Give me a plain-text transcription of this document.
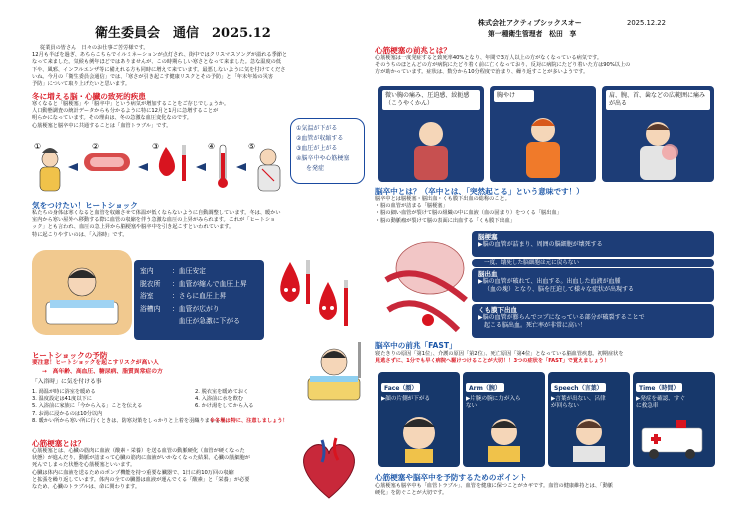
衛生委員会　通信　2025.12
株式会社アクティブシックスオー
第一種衛生管理者　松田　享
2025.12.22
従業員の皆さん　日々のお仕事ご苦労様です。
12月も半ばを過ぎ、あちらこちらでイルミネーションが点灯され、街中ではクリスマスソングが溢れる季節と
なって来ました。気候も例年ほどではありませんが、この時期らしい寒さとなって来ました。急な温度の低
下や、風邪、インフルエンザ等に備えれる方も同時に増えて来ています。最悪しないように気を付けてくださ
いね。今月の「衛生委員会通信」では、「寒さが引き起こす健康リスクとその予防」と「年末年始の災害
予防」について取り上げたいと思います。
冬に増える脳・心臓の致死的疾患
寒くなると「脳梗塞」や「脳卒中」という病気が増加することをご存じでしょうか。
人口動態調査の統計データからも分かるように特に12月と1月に急増することが
明らかになっています。その理由は、冬の急激な血圧変化なのです。
心筋梗塞と脳卒中に共通することは「血管トラブル」です。	①気温が下がる
②血管が収縮する
③血圧が上がる
④脳卒中や心筋梗塞
を発症
①	②	③	④	⑤
気をつけたい！ヒートショック
私たちの身体は寒くなると血管を収縮させて体温が低くならないように自動調整しています。冬は、暖かい
室内から寒い屋外へ移動する際に血管の収縮を伴う急激な血圧の上昇がみられます。これが「ヒートショ
ック」とも言われ、血圧の急上昇から脳梗塞や脳卒中を引き起こすといわれています。
特に起こりやすいのは、「入浴時」です。
室内	：血圧安定
脱衣所	：血管が縮んで血圧上昇
浴室	：さらに血圧上昇
浴槽内	：血管が広がり
　血圧が急激に下がる
ヒートショックの予防
要注意！ヒートショックを起こすリスクが高い人
→　高年齢、高血圧、糖尿病、脂質異常症の方
「入浴時」に気を付ける事
1. 湯温が時に浴室を暖める
3. 温度設定は41度以下に
5. 入浴前に家族に「今から入る」ことを伝える
7. お湯に浸かるのは10分以内
8. 暖かい所から寒い所に行くときは、防寒対策をしっかりと上着を羽織りましょう。
2. 脱衣室を暖めておく
4. 入浴前に水を飲む
6. かけ湯をしてから入る
※冬場は特に、注意しましょう！
心筋梗塞とは？
心筋梗塞とは、心臓の筋肉に血液（酸素・栄養）を送る血管の動脈硬化（血管が硬くなった
状態）が進んだり、動脈が詰まって心臓の筋肉に血液がいかなくなった結果、心臓の筋細胞が
死んでしまった状態を心筋梗塞といいます。
心臓は体内に血液を送るためのポンプ機能を持つ重要な臓器で、1日に約10万回の収縮
と拡張を繰り返しています。体内の全ての臓器は血液が運んでくる「酸素」と「栄養」が必要
なため、心臓のトラブルは、命に関わります。
心筋梗塞の前兆とは？
心筋梗塞は一度発症すると致死率40%となり、年間で3万人以上の方がなくなっている病気です。
そのうちのほとんどの方が病院にたどり着く前に亡くなっており、反対に病院にたどり着いた方は90%以上の
方が助かっています。症状は、数分から10分程度で治まり、繰り返すことが多いようです。
微い胸の痛み、圧迫感、絞扼感（こうやくかん）
胸やけ	肩、腕、首、歯などの広範囲に痛みが出る
脳卒中とは？（卒中とは、「突然起こる」という意味です！）
脳卒中とは脳梗塞・脳出血・くも膜下出血の総称のこと。
・脳の血管が詰まる「脳梗塞」
・脳の細い血管が裂けて脳の組織の中に血液（血の固まり）をつくる「脳出血」
・脳の動脈瘤が裂けて脳の表面に出血する「くも膜下出血」
脳梗塞
▶脳の血管が詰まり、周囲の脳細胞が壊死する
一度、壊死した脳細胞は元に戻らない
脳出血
▶脳の血管が破れて、出血する。出血した血液が血腫
（血の塊）となり、脳を圧迫して様々な症状が出現する
くも膜下出血
▶脳の血管が膨らんでコブになっている部分が破裂することで
起こる脳出血。死亡率が非常に高い！
脳卒中の前兆「FAST」
寝たきりの原因「第1位」、介護の原因「第2位」、死亡原因「第4位」となっている脳血管疾患。初期症状を
見逃さずに、1分でも早く病院へ駆けつけることが大切！！3つの症状を「FAST」で覚えましょう！
Face（顔）
▶顔の片側が下がる
Arm（腕）
▶片腕の腕に力が入らない
Speech（言葉）
▶言葉が出ない、呂律が回らない
Time（時間）
▶発症を確認、すぐに救急車
心筋梗塞や脳卒中を予防するためのポイント
心筋梗塞も脳卒中も「血管トラブル」、血管を健康に保つことがカギです。血管の健康維持とは、「動脈
硬化」を防ぐことが大切です。
